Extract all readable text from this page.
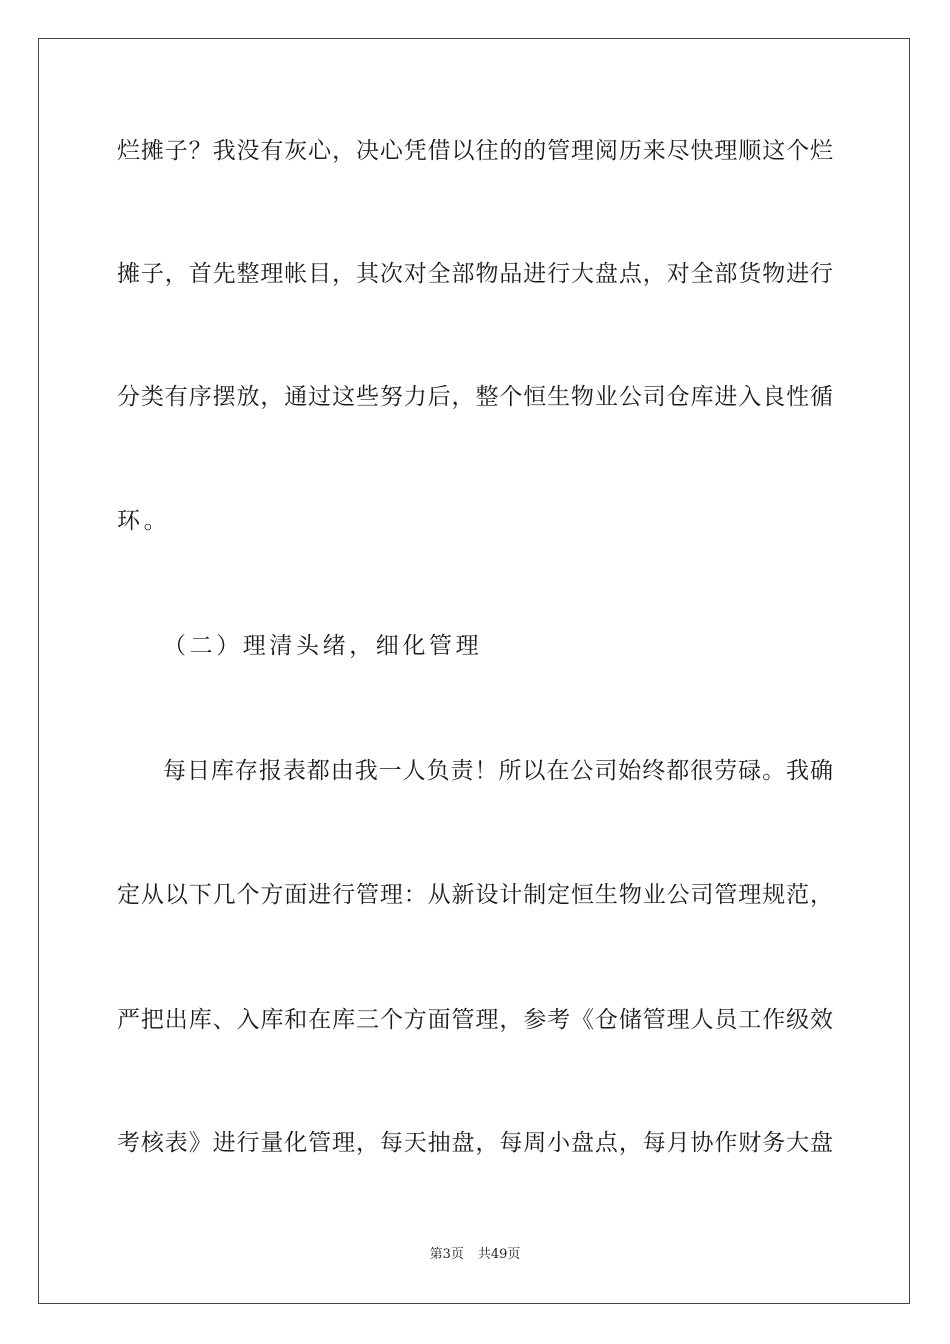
烂摊子？我没有灰心，决心凭借以往的的管理阅历来尽快理顺这个烂
摊子，首先整理帐目，其次对全部物品进行大盘点，对全部货物进行
分类有序摆放，通过这些努力后，整个恒生物业公司仓库进入良性循
环。
（二）理清头绪，细化管理
每日库存报表都由我一人负责！所以在公司始终都很劳碌。我确
定从以下几个方面进行管理：从新设计制定恒生物业公司管理规范，
严把出库、入库和在库三个方面管理，参考《仓储管理人员工作级效
考核表》进行量化管理，每天抽盘，每周小盘点，每月协作财务大盘
第3页 共49页
